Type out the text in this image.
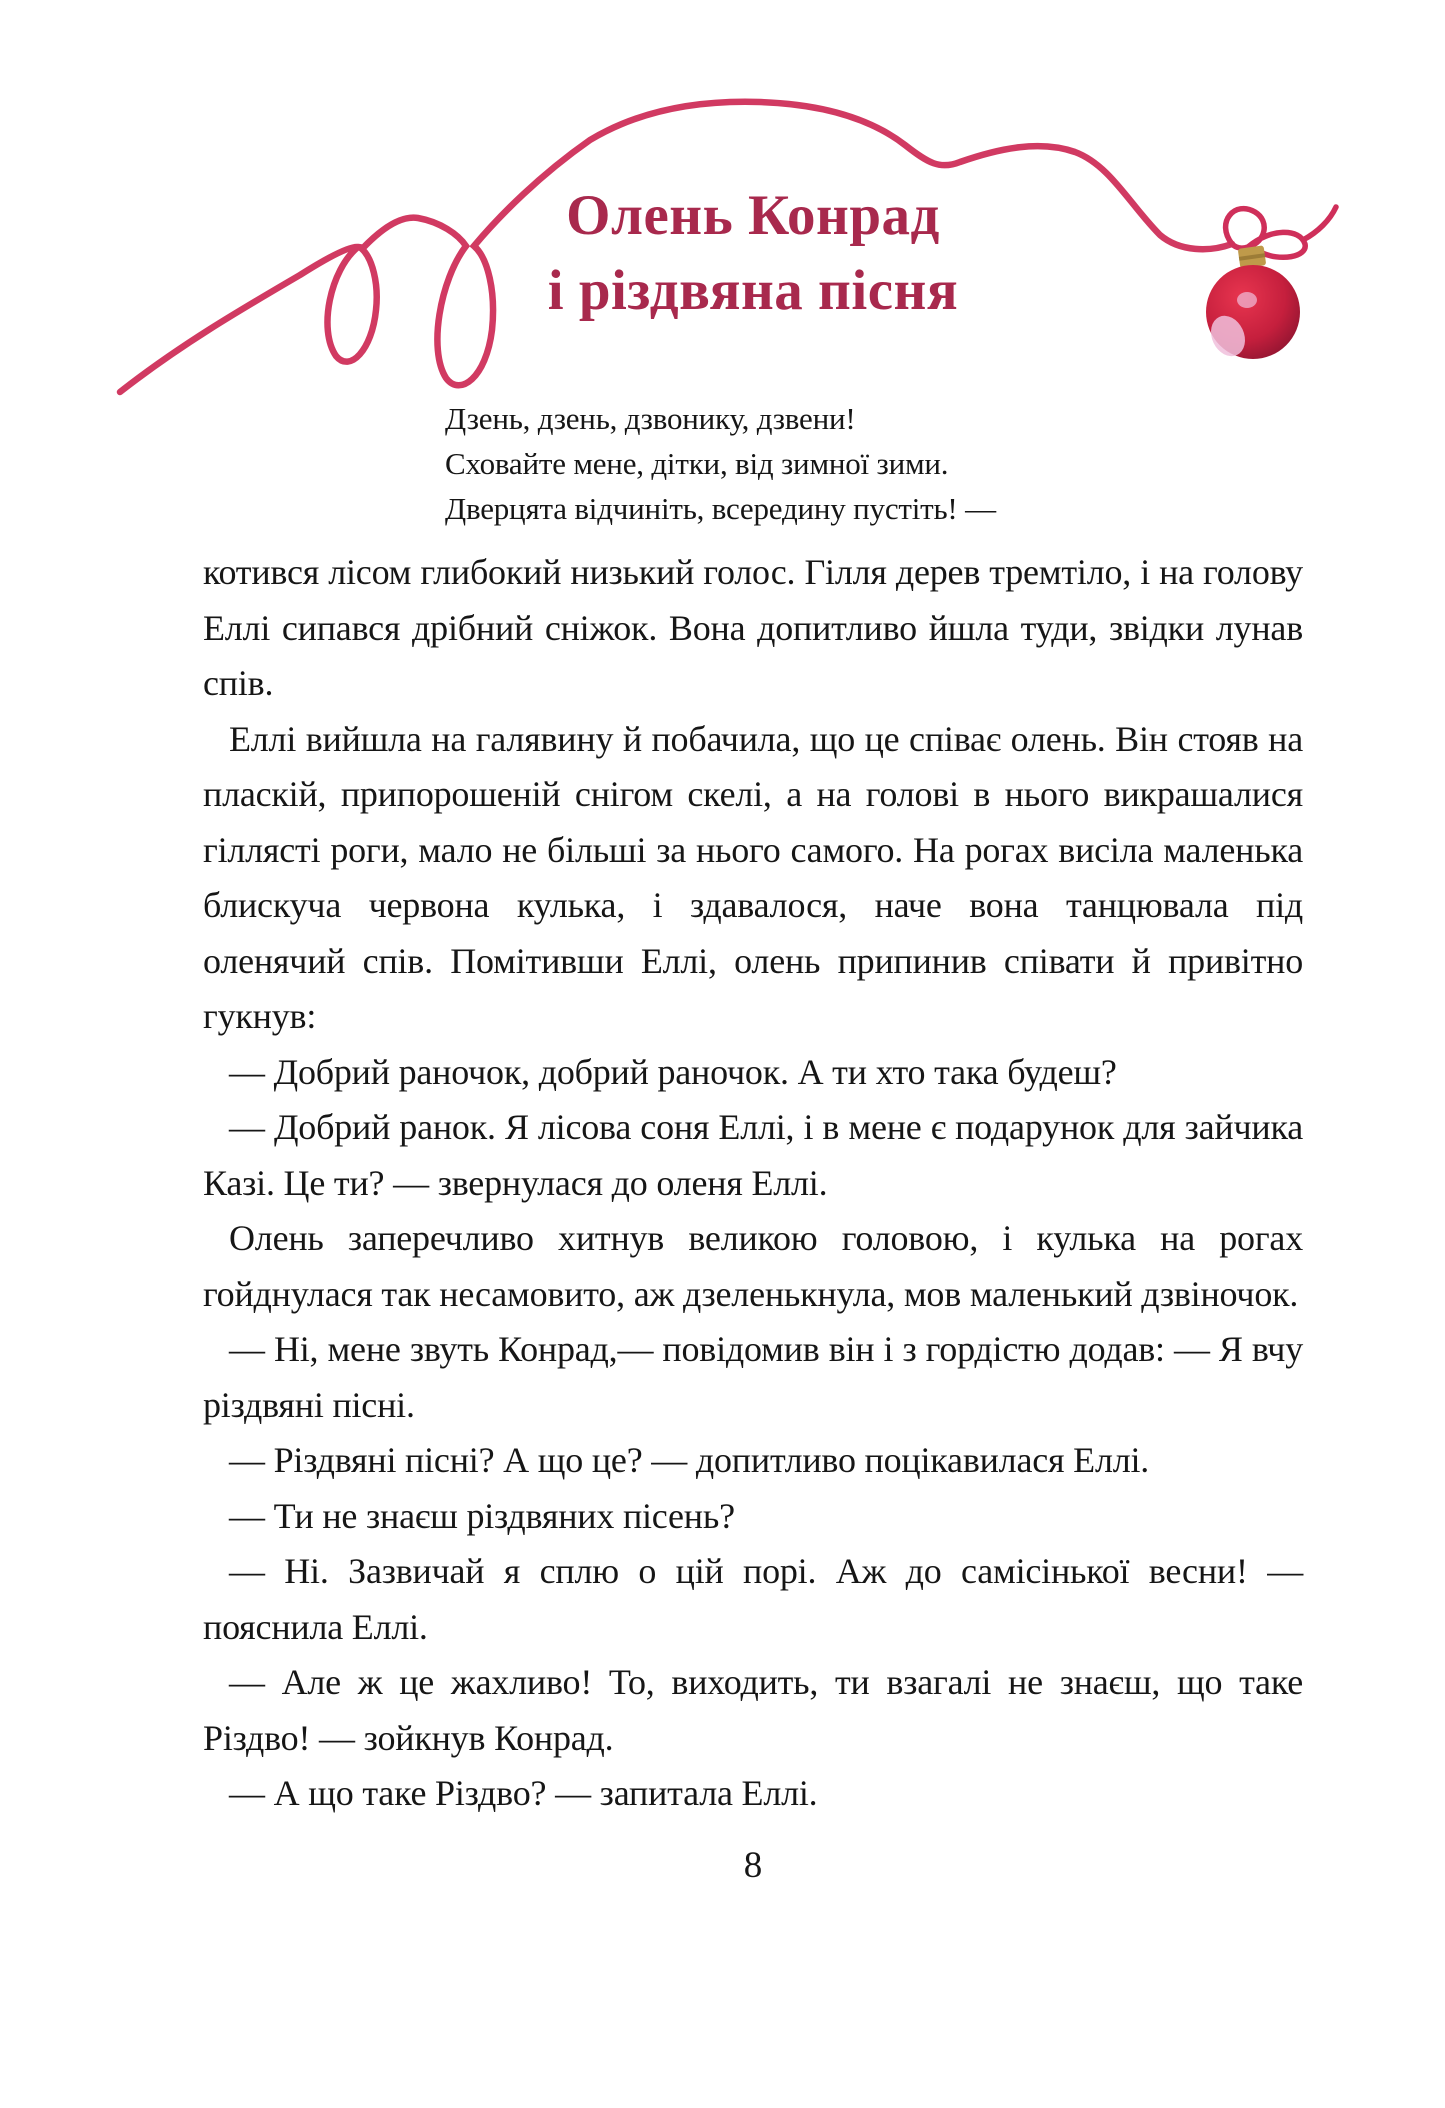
Олень Конрад
і різдвяна пісня
Дзень, дзень, дзвонику, дзвени!
Сховайте мене, дітки, від зимної зими.
Дверцята відчиніть, всередину пустіть! —

котився лісом глибокий низький голос. Гілля дерев тремтіло, і на голову Еллі сипався дрібний сніжок. Вона допитливо йшла туди, звідки лунав спів.

Еллі вийшла на галявину й побачила, що це співає олень. Він стояв на пласкій, припорошеній снігом скелі, а на голові в нього викрашалися гіллясті роги, мало не більші за нього самого. На рогах висіла маленька блискуча червона кулька, і здавалося, наче вона танцювала під оленячий спів. Помітивши Еллі, олень припинив співати й привітно гукнув:

— Добрий раночок, добрий раночок. А ти хто така будеш?

— Добрий ранок. Я лісова соня Еллі, і в мене є подарунок для зайчика Казі. Це ти? — звернулася до оленя Еллі.

Олень заперечливо хитнув великою головою, і кулька на рогах гойднулася так несамовито, аж дзеленькнула, мов маленький дзвіночок.

— Ні, мене звуть Конрад,— повідомив він і з гордістю додав: — Я вчу різдвяні пісні.

— Різдвяні пісні? А що це? — допитливо поцікавилася Еллі.

— Ти не знаєш різдвяних пісень?

— Ні. Зазвичай я сплю о цій порі. Аж до самісінької весни! — пояснила Еллі.

— Але ж це жахливо! То, виходить, ти взагалі не знаєш, що таке Різдво! — зойкнув Конрад.

— А що таке Різдво? — запитала Еллі.

8
